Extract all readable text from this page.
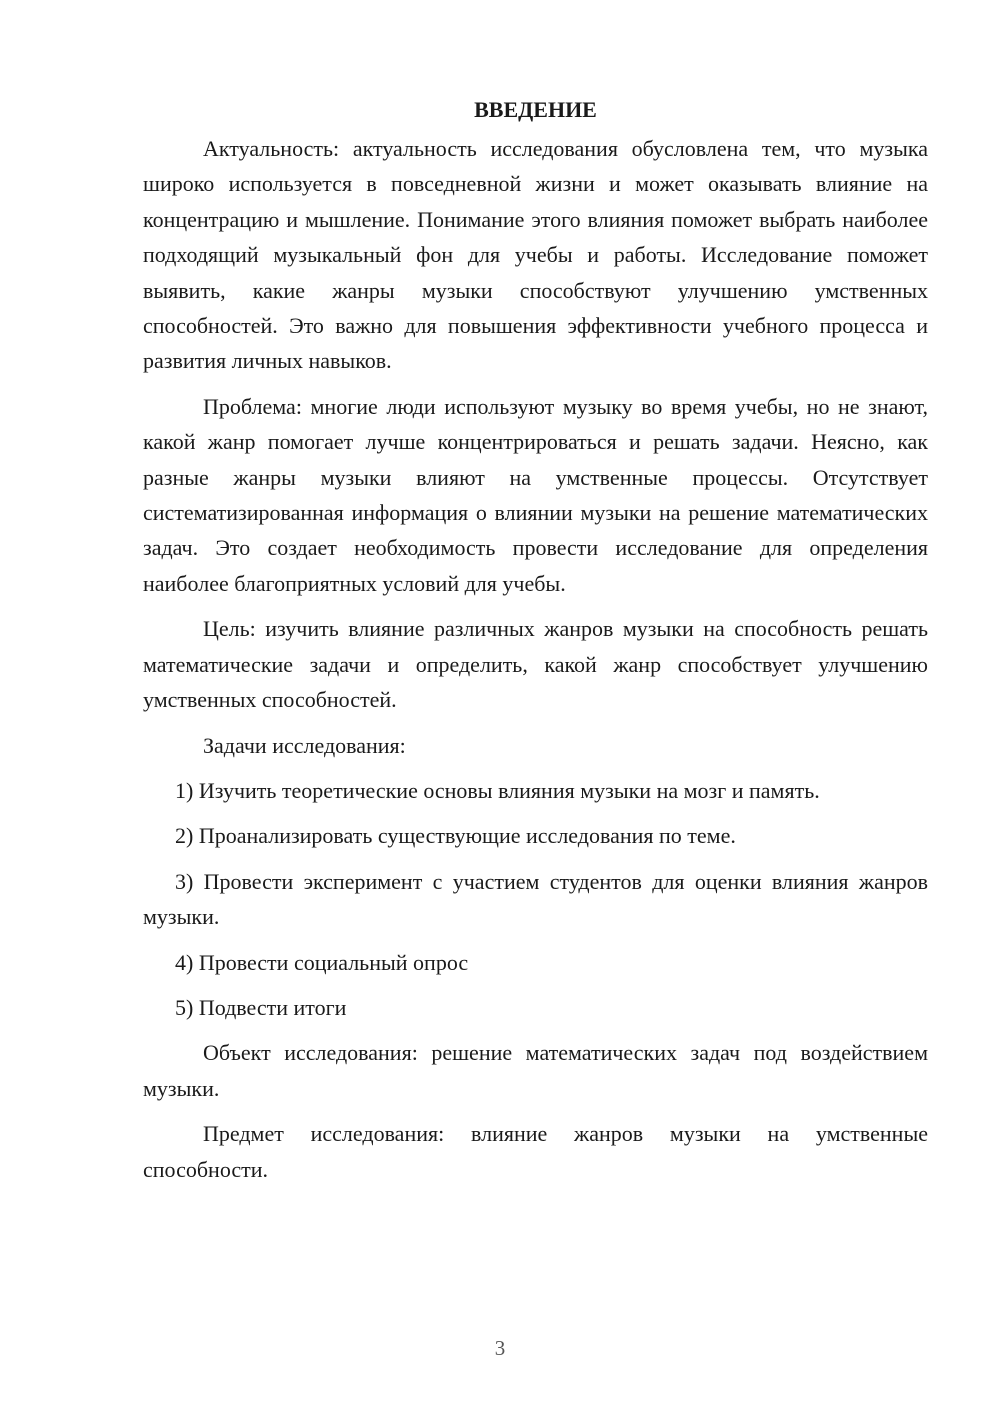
ВВЕДЕНИЕ

Актуальность: актуальность исследования обусловлена тем, что музыка широко используется в повседневной жизни и может оказывать влияние на концентрацию и мышление. Понимание этого влияния поможет выбрать наиболее подходящий музыкальный фон для учебы и работы. Исследование поможет выявить, какие жанры музыки способствуют улучшению умственных способностей. Это важно для повышения эффективности учебного процесса и развития личных навыков.

Проблема: многие люди используют музыку во время учебы, но не знают, какой жанр помогает лучше концентрироваться и решать задачи. Неясно, как разные жанры музыки влияют на умственные процессы. Отсутствует систематизированная информация о влиянии музыки на решение математических задач. Это создает необходимость провести исследование для определения наиболее благоприятных условий для учебы.

Цель: изучить влияние различных жанров музыки на способность решать математические задачи и определить, какой жанр способствует улучшению умственных способностей.

Задачи исследования:

1) Изучить теоретические основы влияния музыки на мозг и память.

2) Проанализировать существующие исследования по теме.

3) Провести эксперимент с участием студентов для оценки влияния жанров музыки.

4) Провести социальный опрос

5) Подвести итоги

Объект исследования: решение математических задач под воздействием музыки.

Предмет исследования: влияние жанров музыки на умственные способности.

3
